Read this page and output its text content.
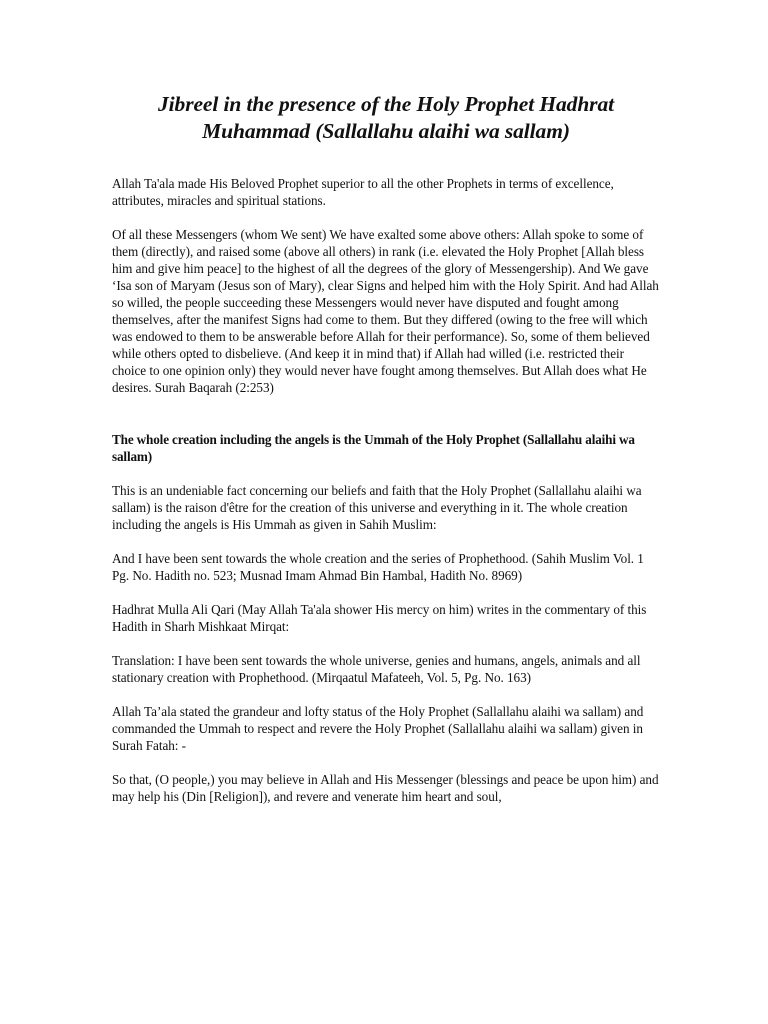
Jibreel in the presence of the Holy Prophet Hadhrat Muhammad (Sallallahu alaihi wa sallam)

Allah Ta'ala made His Beloved Prophet superior to all the other Prophets in terms of excellence, attributes, miracles and spiritual stations.

Of all these Messengers (whom We sent) We have exalted some above others: Allah spoke to some of them (directly), and raised some (above all others) in rank (i.e. elevated the Holy Prophet [Allah bless him and give him peace] to the highest of all the degrees of the glory of Messengership). And We gave ‘Isa son of Maryam (Jesus son of Mary), clear Signs and helped him with the Holy Spirit. And had Allah so willed, the people succeeding these Messengers would never have disputed and fought among themselves, after the manifest Signs had come to them. But they differed (owing to the free will which was endowed to them to be answerable before Allah for their performance). So, some of them believed while others opted to disbelieve. (And keep it in mind that) if Allah had willed (i.e. restricted their choice to one opinion only) they would never have fought among themselves. But Allah does what He desires. Surah Baqarah (2:253)

The whole creation including the angels is the Ummah of the Holy Prophet (Sallallahu alaihi wa sallam)

This is an undeniable fact concerning our beliefs and faith that the Holy Prophet (Sallallahu alaihi wa sallam) is the raison d'être for the creation of this universe and everything in it. The whole creation including the angels is His Ummah as given in Sahih Muslim:

And I have been sent towards the whole creation and the series of Prophethood. (Sahih Muslim Vol. 1 Pg. No. Hadith no. 523; Musnad Imam Ahmad Bin Hambal, Hadith No. 8969)

Hadhrat Mulla Ali Qari (May Allah Ta'ala shower His mercy on him) writes in the commentary of this Hadith in Sharh Mishkaat Mirqat:

Translation: I have been sent towards the whole universe, genies and humans, angels, animals and all stationary creation with Prophethood. (Mirqaatul Mafateeh, Vol. 5, Pg. No. 163)

Allah Ta’ala stated the grandeur and lofty status of the Holy Prophet (Sallallahu alaihi wa sallam) and commanded the Ummah to respect and revere the Holy Prophet (Sallallahu alaihi wa sallam) given in Surah Fatah: -

So that, (O people,) you may believe in Allah and His Messenger (blessings and peace be upon him) and may help his (Din [Religion]), and revere and venerate him heart and soul,
